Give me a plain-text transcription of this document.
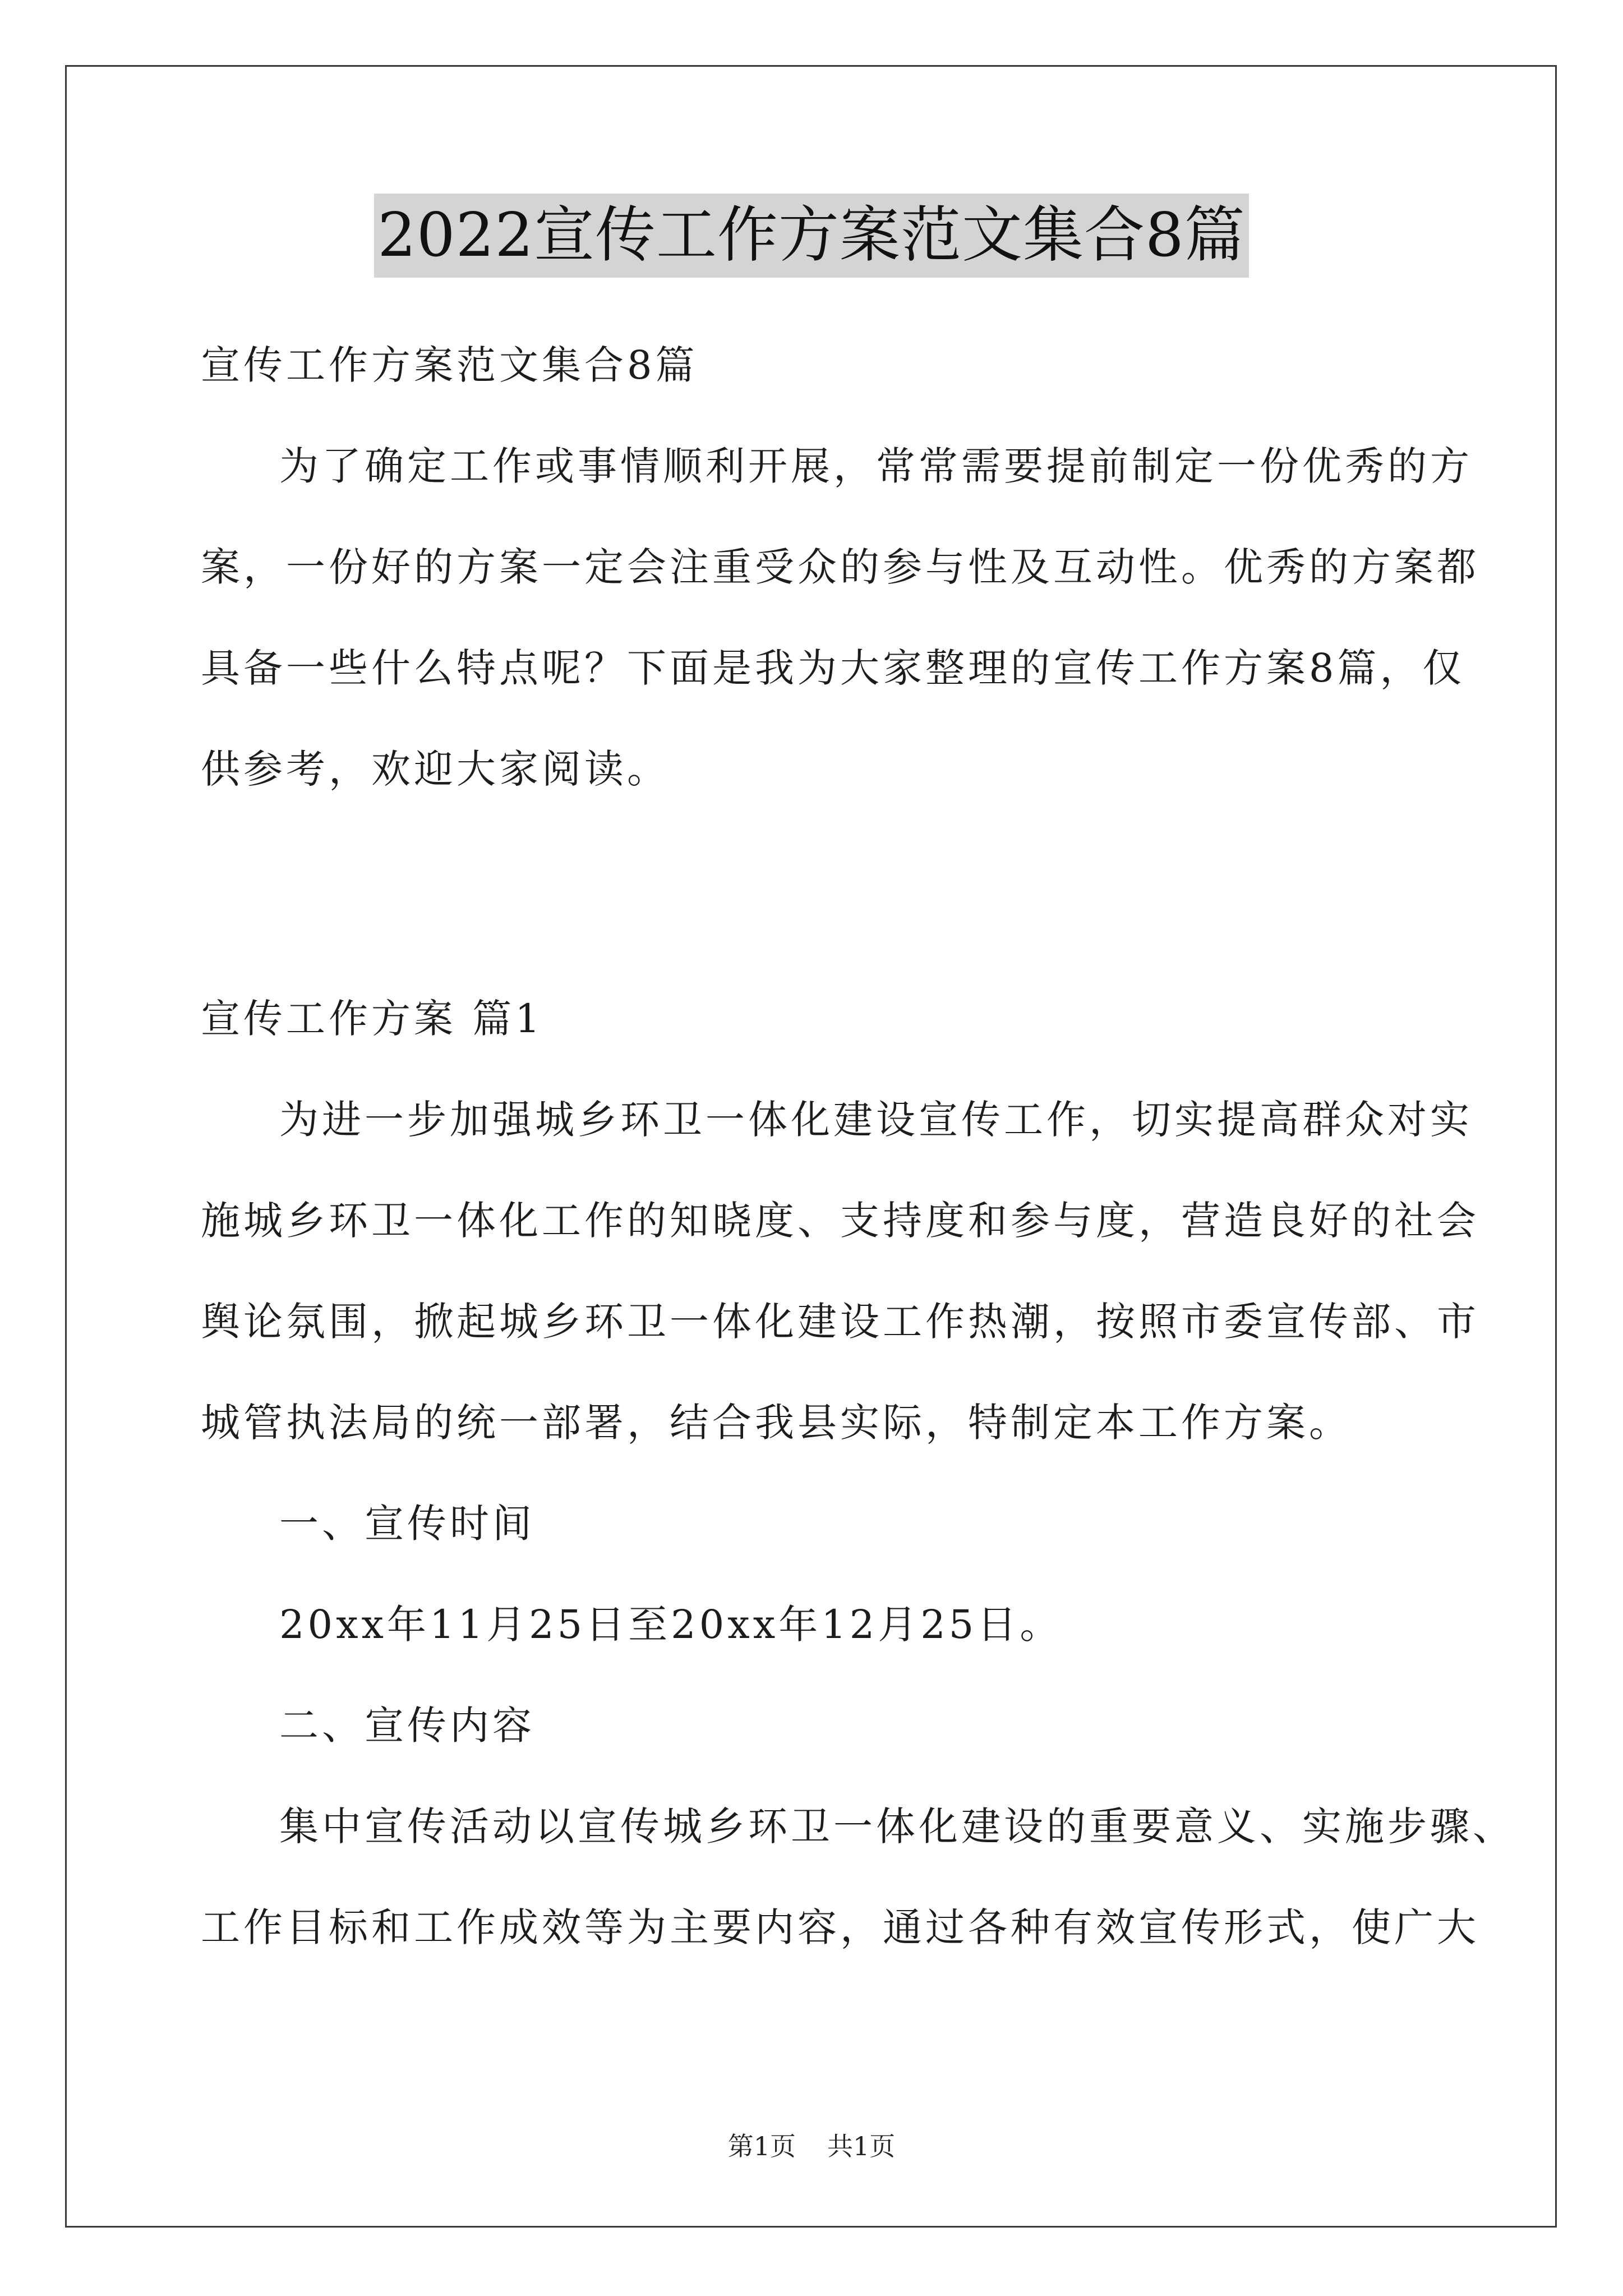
2022宣传工作方案范文集合8篇
宣传工作方案范文集合8篇
为了确定工作或事情顺利开展，常常需要提前制定一份优秀的方
案，一份好的方案一定会注重受众的参与性及互动性。优秀的方案都
具备一些什么特点呢？下面是我为大家整理的宣传工作方案8篇，仅
供参考，欢迎大家阅读。
宣传工作方案 篇1
为进一步加强城乡环卫一体化建设宣传工作，切实提高群众对实
施城乡环卫一体化工作的知晓度、支持度和参与度，营造良好的社会
舆论氛围，掀起城乡环卫一体化建设工作热潮，按照市委宣传部、市
城管执法局的统一部署，结合我县实际，特制定本工作方案。
一、宣传时间
20xx年11月25日至20xx年12月25日。
二、宣传内容
集中宣传活动以宣传城乡环卫一体化建设的重要意义、实施步骤、
工作目标和工作成效等为主要内容，通过各种有效宣传形式，使广大
第1页 共1页
